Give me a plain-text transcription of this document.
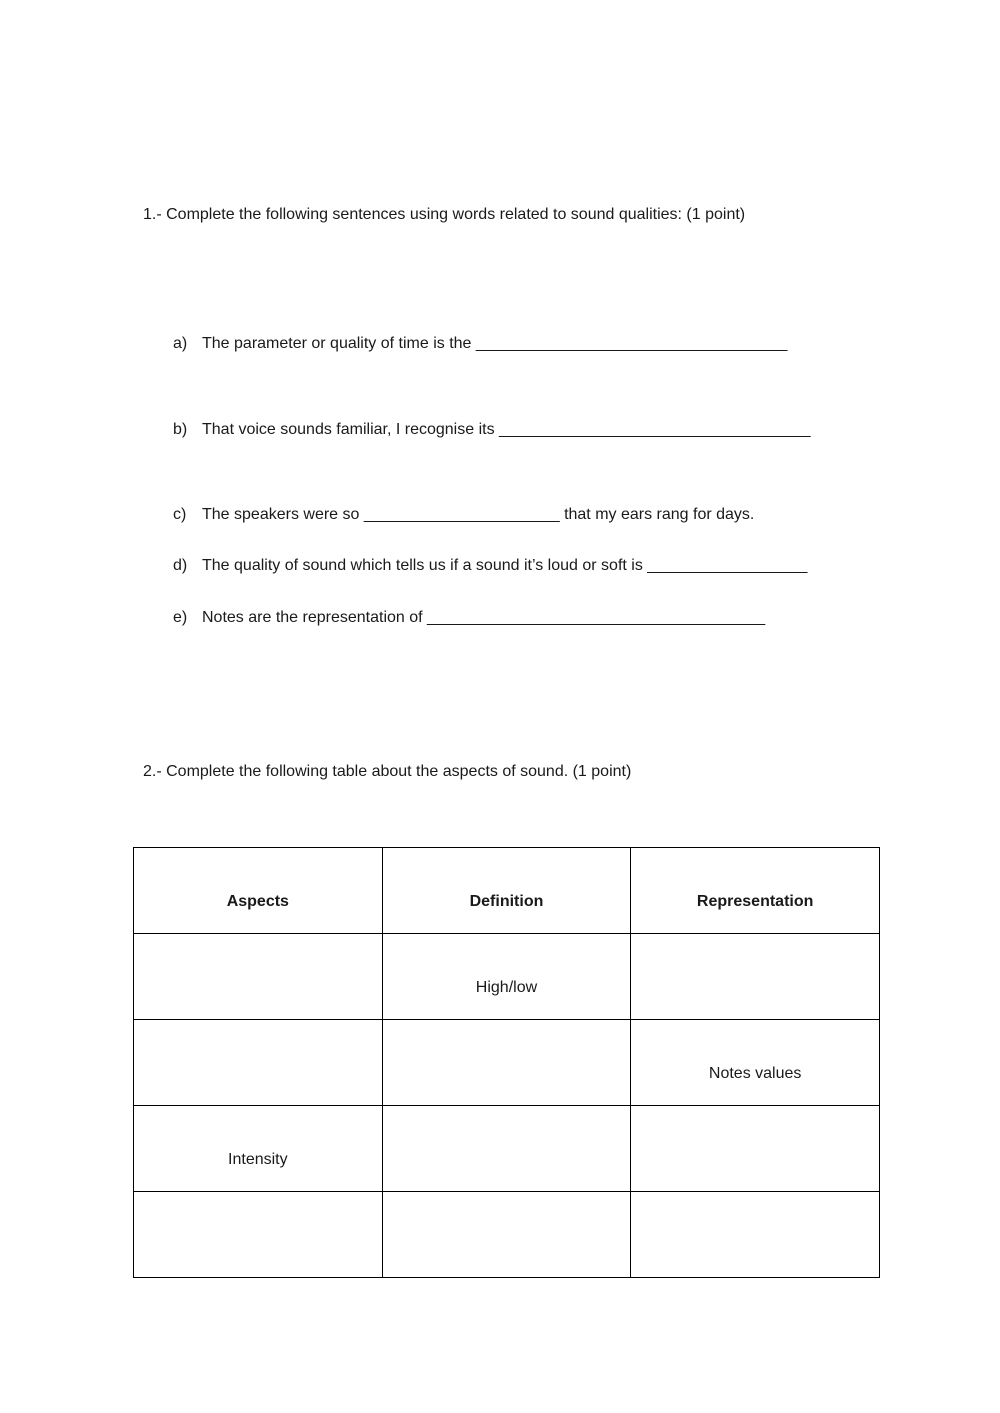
1.- Complete the following sentences using words related to sound qualities: (1 point)
a) The parameter or quality of time is the ___________________________________
b) That voice sounds familiar, I recognise its ___________________________________
c) The speakers were so ______________________ that my ears rang for days.
d) The quality of sound which tells us if a sound it’s loud or soft is __________________
e) Notes are the representation of ______________________________________
2.- Complete the following table about the aspects of sound. (1 point)
Aspects	Definition	Representation
	High/low	
		Notes values
Intensity		
